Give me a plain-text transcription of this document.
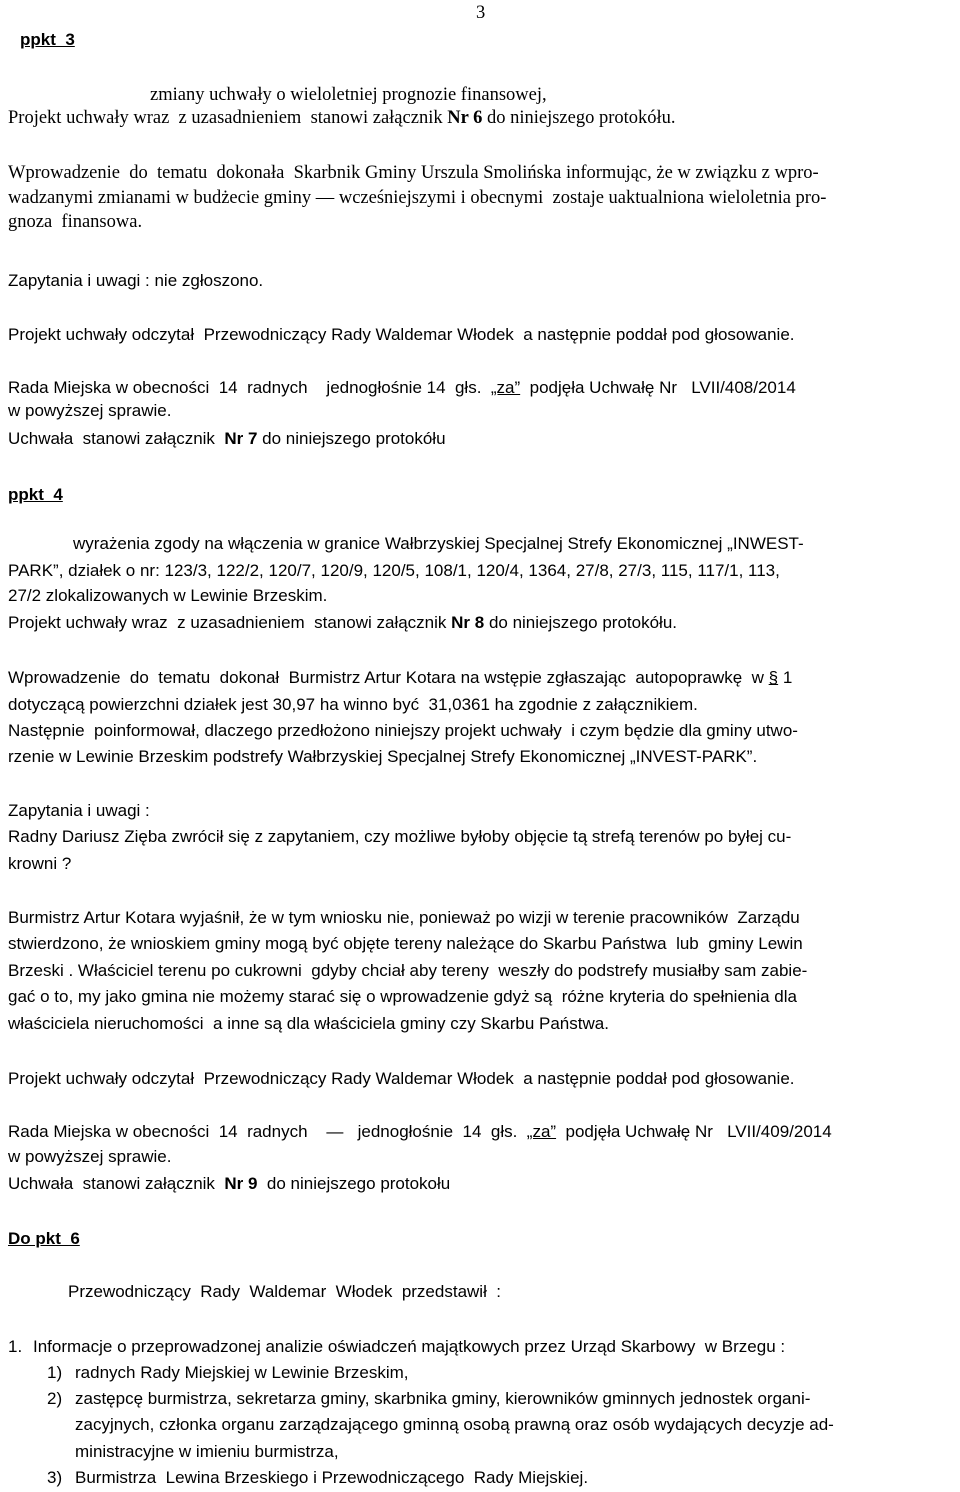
3
ppkt  3
zmiany uchwały o wieloletniej prognozie finansowej,
Projekt uchwały wraz  z uzasadnieniem  stanowi załącznik Nr 6 do niniejszego protokółu.
Wprowadzenie  do  tematu  dokonała  Skarbnik Gminy Urszula Smolińska informując, że w związku z wpro-
wadzanymi zmianami w budżecie gminy — wcześniejszymi i obecnymi  zostaje uaktualniona wieloletnia pro-
gnoza  finansowa.
Zapytania i uwagi : nie zgłoszono.
Projekt uchwały odczytał  Przewodniczący Rady Waldemar Włodek  a następnie poddał pod głosowanie.
Rada Miejska w obecności  14  radnych    jednogłośnie 14  głs.  „za”  podjęła Uchwałę Nr   LVII/408/2014
w powyższej sprawie.
Uchwała  stanowi załącznik  Nr 7 do niniejszego protokółu
ppkt  4
wyrażenia zgody na włączenia w granice Wałbrzyskiej Specjalnej Strefy Ekonomicznej „INWEST-
PARK”, działek o nr: 123/3, 122/2, 120/7, 120/9, 120/5, 108/1, 120/4, 1364, 27/8, 27/3, 115, 117/1, 113,
27/2 zlokalizowanych w Lewinie Brzeskim.
Projekt uchwały wraz  z uzasadnieniem  stanowi załącznik Nr 8 do niniejszego protokółu.
Wprowadzenie  do  tematu  dokonał  Burmistrz Artur Kotara na wstępie zgłaszając  autopoprawkę  w § 1
dotyczącą powierzchni działek jest 30,97 ha winno być  31,0361 ha zgodnie z załącznikiem.
Następnie  poinformował, dlaczego przedłożono niniejszy projekt uchwały  i czym będzie dla gminy utwo-
rzenie w Lewinie Brzeskim podstrefy Wałbrzyskiej Specjalnej Strefy Ekonomicznej „INVEST-PARK”.
Zapytania i uwagi :
Radny Dariusz Zięba zwrócił się z zapytaniem, czy możliwe byłoby objęcie tą strefą terenów po byłej cu-
krowni ?
Burmistrz Artur Kotara wyjaśnił, że w tym wniosku nie, ponieważ po wizji w terenie pracowników  Zarządu
stwierdzono, że wnioskiem gminy mogą być objęte tereny należące do Skarbu Państwa  lub  gminy Lewin
Brzeski . Właściciel terenu po cukrowni  gdyby chciał aby tereny  weszły do podstrefy musiałby sam zabie-
gać o to, my jako gmina nie możemy starać się o wprowadzenie gdyż są  różne kryteria do spełnienia dla
właściciela nieruchomości  a inne są dla właściciela gminy czy Skarbu Państwa.
Projekt uchwały odczytał  Przewodniczący Rady Waldemar Włodek  a następnie poddał pod głosowanie.
Rada Miejska w obecności  14  radnych    —   jednogłośnie  14  głs.  „za”  podjęła Uchwałę Nr   LVII/409/2014
w powyższej sprawie.
Uchwała  stanowi załącznik  Nr 9  do niniejszego protokołu
Do pkt  6
Przewodniczący  Rady  Waldemar  Włodek  przedstawił  :
1. Informacje o przeprowadzonej analizie oświadczeń majątkowych przez Urząd Skarbowy  w Brzegu :
1) radnych Rady Miejskiej w Lewinie Brzeskim,
2) zastępcę burmistrza, sekretarza gminy, skarbnika gminy, kierowników gminnych jednostek organi-
zacyjnych, członka organu zarządzającego gminną osobą prawną oraz osób wydających decyzje ad-
ministracyjne w imieniu burmistrza,
3) Burmistrza  Lewina Brzeskiego i Przewodniczącego  Rady Miejskiej.
